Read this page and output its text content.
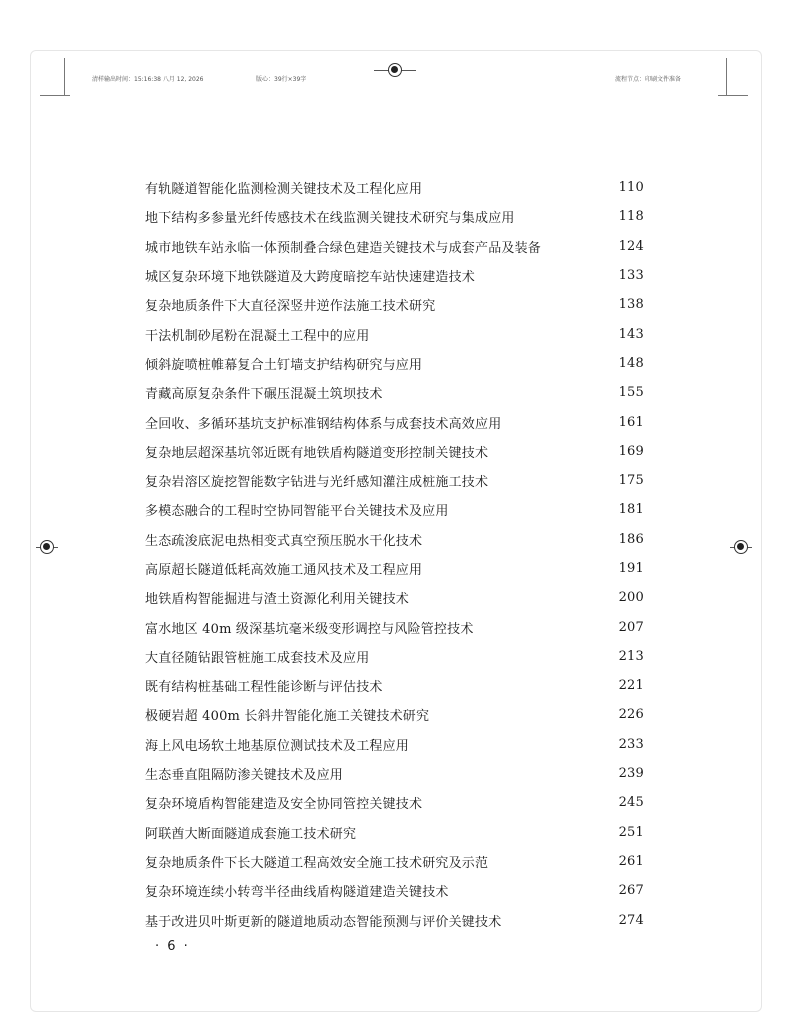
清样输出时间：15:16:38 八月 12, 2026	版心：39行×39字	流程节点：印刷文件准备
有轨隧道智能化监测检测关键技术及工程化应用	110
地下结构多参量光纤传感技术在线监测关键技术研究与集成应用	118
城市地铁车站永临一体预制叠合绿色建造关键技术与成套产品及装备	124
城区复杂环境下地铁隧道及大跨度暗挖车站快速建造技术	133
复杂地质条件下大直径深竖井逆作法施工技术研究	138
干法机制砂尾粉在混凝土工程中的应用	143
倾斜旋喷桩帷幕复合土钉墙支护结构研究与应用	148
青藏高原复杂条件下碾压混凝土筑坝技术	155
全回收、多循环基坑支护标准钢结构体系与成套技术高效应用	161
复杂地层超深基坑邻近既有地铁盾构隧道变形控制关键技术	169
复杂岩溶区旋挖智能数字钻进与光纤感知灌注成桩施工技术	175
多模态融合的工程时空协同智能平台关键技术及应用	181
生态疏浚底泥电热相变式真空预压脱水干化技术	186
高原超长隧道低耗高效施工通风技术及工程应用	191
地铁盾构智能掘进与渣土资源化利用关键技术	200
富水地区 40m 级深基坑毫米级变形调控与风险管控技术	207
大直径随钻跟管桩施工成套技术及应用	213
既有结构桩基础工程性能诊断与评估技术	221
极硬岩超 400m 长斜井智能化施工关键技术研究	226
海上风电场软土地基原位测试技术及工程应用	233
生态垂直阻隔防渗关键技术及应用	239
复杂环境盾构智能建造及安全协同管控关键技术	245
阿联酋大断面隧道成套施工技术研究	251
复杂地质条件下长大隧道工程高效安全施工技术研究及示范	261
复杂环境连续小转弯半径曲线盾构隧道建造关键技术	267
基于改进贝叶斯更新的隧道地质动态智能预测与评价关键技术	274
· 6 ·
